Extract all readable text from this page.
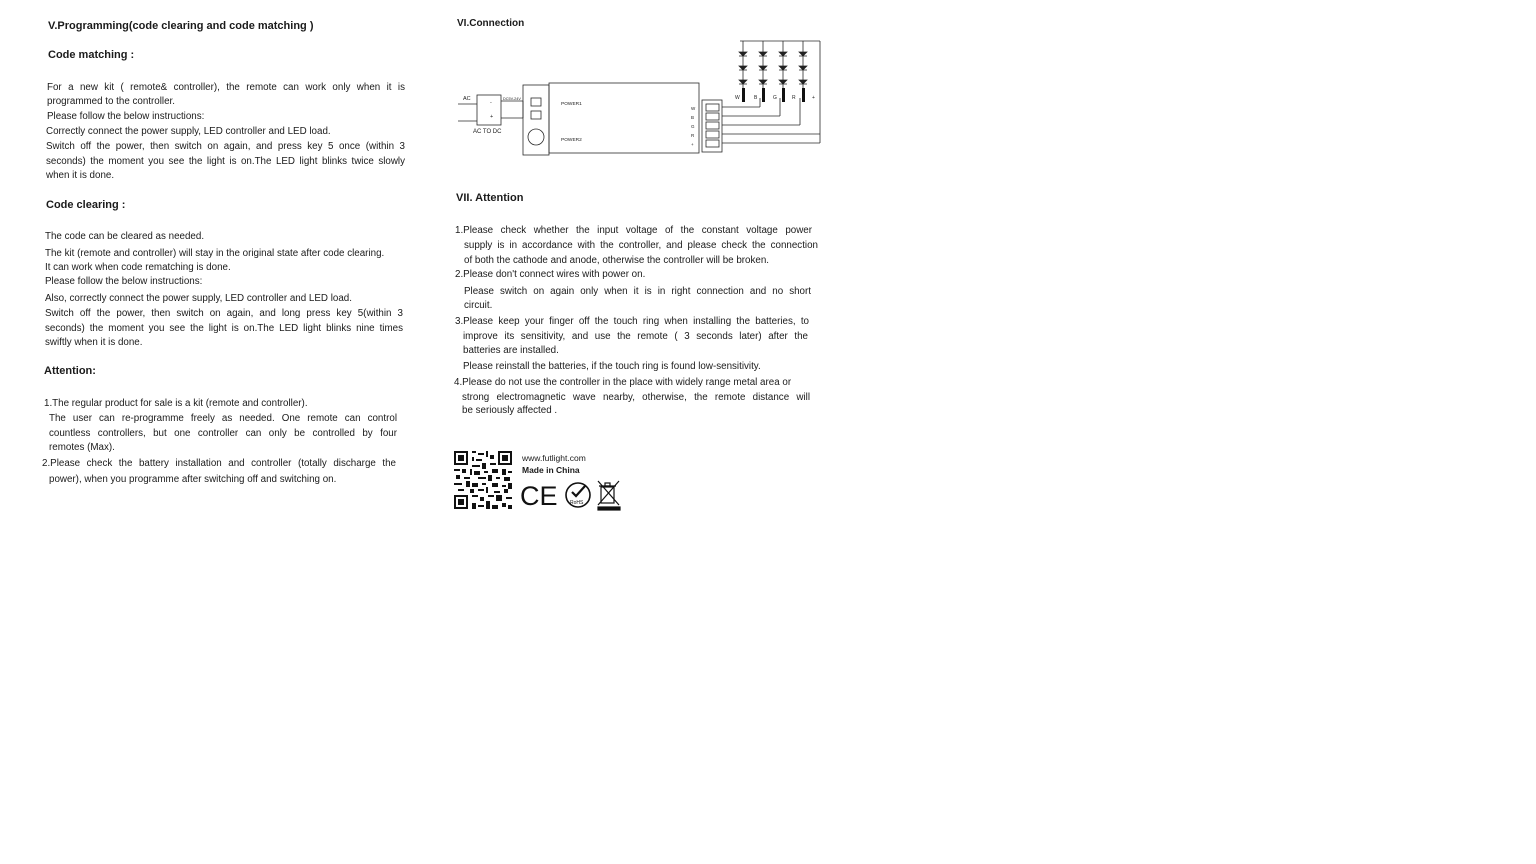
V.Programming(code clearing and code matching )
Code matching :
For a new kit ( remote& controller), the remote can work only when it is
programmed to the controller.
Please follow the below instructions:
Correctly connect the power supply, LED controller and LED load.
Switch off the power, then switch on again, and press key 5 once (within 3
seconds) the moment you see the light is on.The LED light blinks twice slowly
when it is done.
Code clearing :
The code can be cleared as needed.
The kit (remote and controller) will stay in the original state after code clearing.
It can work when code rematching is done.
Please follow the below instructions:
Also, correctly connect the power supply, LED controller and LED load.
Switch off the power, then switch on again, and long press key 5(within 3
seconds) the moment you see the light is on.The LED light blinks nine times
swiftly when it is done.
Attention:
1.The regular product for sale is a kit (remote and controller).
The user can re-programme freely as needed. One remote can control
countless controllers, but one controller can only be controlled by four
remotes (Max).
2.Please check the battery installation and controller (totally discharge the
power), when you programme after switching off and switching on.
VI.Connection
AC	DC5V-24V
-
+
AC TO DC
POWER1
POWER2
W
B
G
R
+
W	B	G	R	+
VII. Attention
1.Please check whether the input voltage of the constant voltage power
supply is in accordance with the controller, and please check the connection
of both the cathode and anode, otherwise the controller will be broken.
2.Please don't connect wires with power on.
Please switch on again only when it is in right connection and no short
circuit.
3.Please keep your finger off the touch ring when installing the batteries, to
improve its sensitivity, and use the remote ( 3 seconds later) after the
batteries are installed.
Please reinstall the batteries, if the touch ring is found low-sensitivity.
4.Please do not use the controller in the place with widely range metal area or
strong electromagnetic wave nearby, otherwise, the remote distance will
be seriously affected .
www.futlight.com
Made in China
CE RoHS
